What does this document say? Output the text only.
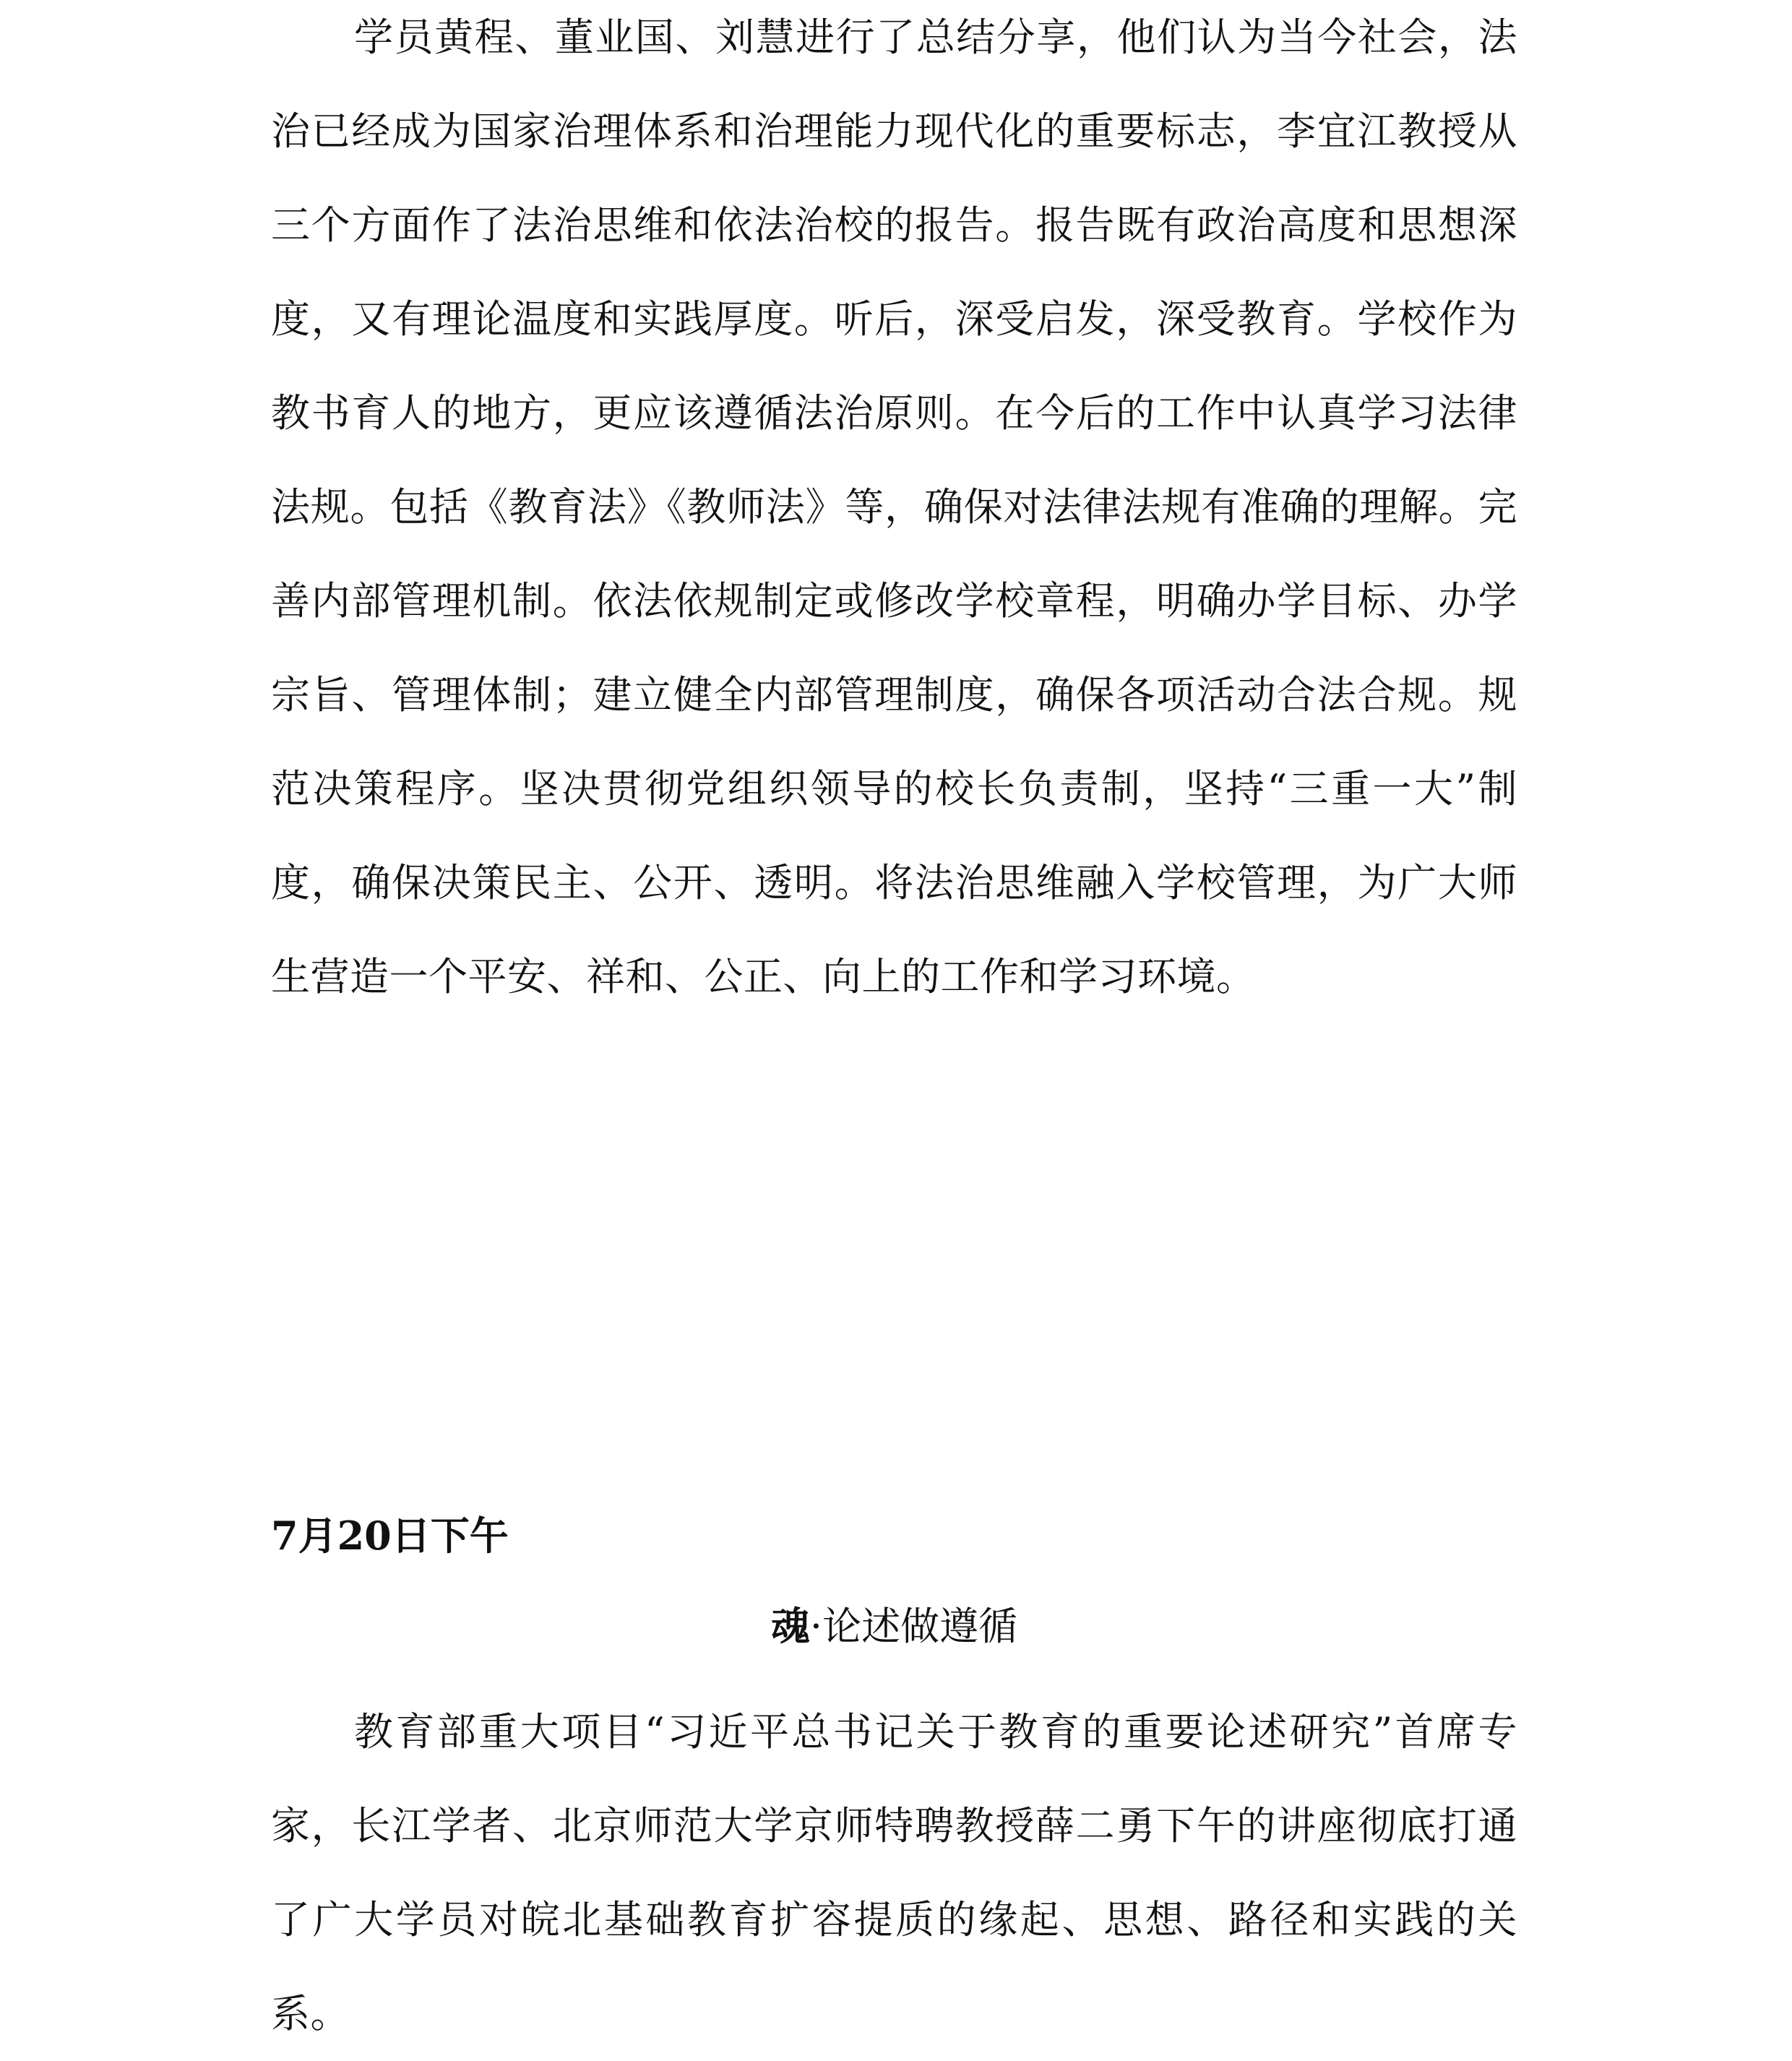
学员黄程、董业国、刘慧进行了总结分享，他们认为当今社会，法治已经成为国家治理体系和治理能力现代化的重要标志，李宜江教授从三个方面作了法治思维和依法治校的报告。报告既有政治高度和思想深度，又有理论温度和实践厚度。听后，深受启发，深受教育。学校作为教书育人的地方，更应该遵循法治原则。在今后的工作中认真学习法律法规。包括《教育法》《教师法》等，确保对法律法规有准确的理解。完善内部管理机制。依法依规制定或修改学校章程，明确办学目标、办学宗旨、管理体制；建立健全内部管理制度，确保各项活动合法合规。规范决策程序。坚决贯彻党组织领导的校长负责制，坚持“三重一大”制度，确保决策民主、公开、透明。将法治思维融入学校管理，为广大师生营造一个平安、祥和、公正、向上的工作和学习环境。

7月20日下午
魂·论述做遵循

教育部重大项目“习近平总书记关于教育的重要论述研究”首席专家，长江学者、北京师范大学京师特聘教授薛二勇下午的讲座彻底打通了广大学员对皖北基础教育扩容提质的缘起、思想、路径和实践的关系。
